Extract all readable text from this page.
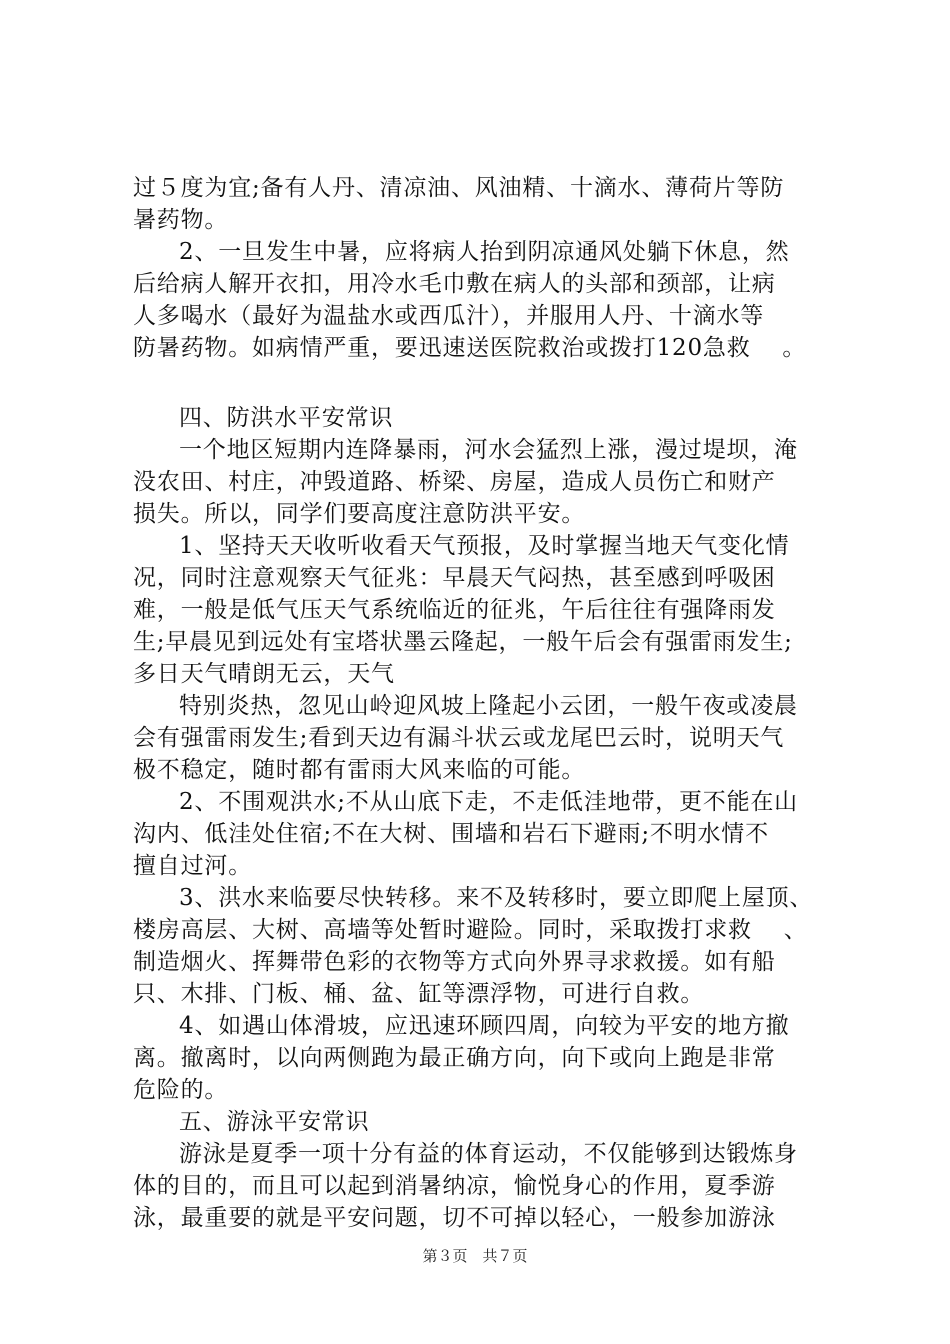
过５度为宜;备有人丹、清凉油、风油精、十滴水、薄荷片等防
暑药物。

2、一旦发生中暑，应将病人抬到阴凉通风处躺下休息，然
后给病人解开衣扣，用冷水毛巾敷在病人的头部和颈部，让病
人多喝水（最好为温盐水或西瓜汁），并服用人丹、十滴水等
防暑药物。如病情严重，要迅速送医院救治或拨打120急救　 。

四、防洪水平安常识

一个地区短期内连降暴雨，河水会猛烈上涨，漫过堤坝，淹
没农田、村庄，冲毁道路、桥梁、房屋，造成人员伤亡和财产
损失。所以，同学们要高度注意防洪平安。

1、坚持天天收听收看天气预报，及时掌握当地天气变化情
况，同时注意观察天气征兆：早晨天气闷热，甚至感到呼吸困
难，一般是低气压天气系统临近的征兆，午后往往有强降雨发
生;早晨见到远处有宝塔状墨云隆起，一般午后会有强雷雨发生;
多日天气晴朗无云，天气

特别炎热，忽见山岭迎风坡上隆起小云团，一般午夜或凌晨
会有强雷雨发生;看到天边有漏斗状云或龙尾巴云时，说明天气
极不稳定，随时都有雷雨大风来临的可能。

2、不围观洪水;不从山底下走，不走低洼地带，更不能在山
沟内、低洼处住宿;不在大树、围墙和岩石下避雨;不明水情不
擅自过河。

3、洪水来临要尽快转移。来不及转移时，要立即爬上屋顶、
楼房高层、大树、高墙等处暂时避险。同时，采取拨打求救　 、
制造烟火、挥舞带色彩的衣物等方式向外界寻求救援。如有船
只、木排、门板、桶、盆、缸等漂浮物，可进行自救。

4、如遇山体滑坡，应迅速环顾四周，向较为平安的地方撤
离。撤离时，以向两侧跑为最正确方向，向下或向上跑是非常
危险的。

五、游泳平安常识

游泳是夏季一项十分有益的体育运动，不仅能够到达锻炼身
体的目的，而且可以起到消暑纳凉，愉悦身心的作用，夏季游
泳，最重要的就是平安问题，切不可掉以轻心，一般参加游泳

第３页　共７页
